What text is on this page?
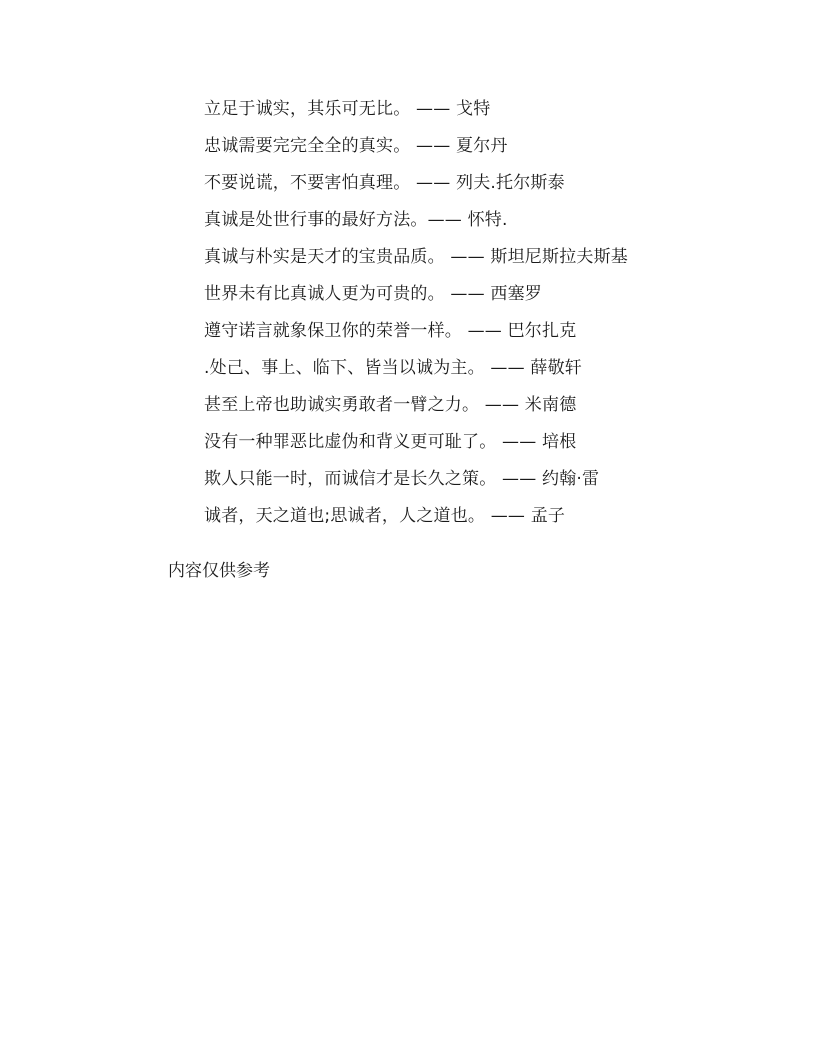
立足于诚实，其乐可无比。 —— 戈特
忠诚需要完完全全的真实。 —— 夏尔丹
不要说谎，不要害怕真理。 —— 列夫.托尔斯泰
真诚是处世行事的最好方法。—— 怀特.
真诚与朴实是天才的宝贵品质。 —— 斯坦尼斯拉夫斯基
世界未有比真诚人更为可贵的。 —— 西塞罗
遵守诺言就象保卫你的荣誉一样。 —— 巴尔扎克
.处己、事上、临下、皆当以诚为主。 —— 薛敬轩
甚至上帝也助诚实勇敢者一臂之力。 —— 米南德
没有一种罪恶比虚伪和背义更可耻了。 —— 培根
欺人只能一时，而诚信才是长久之策。 —— 约翰·雷
诚者，天之道也;思诚者，人之道也。 —— 孟子
内容仅供参考
